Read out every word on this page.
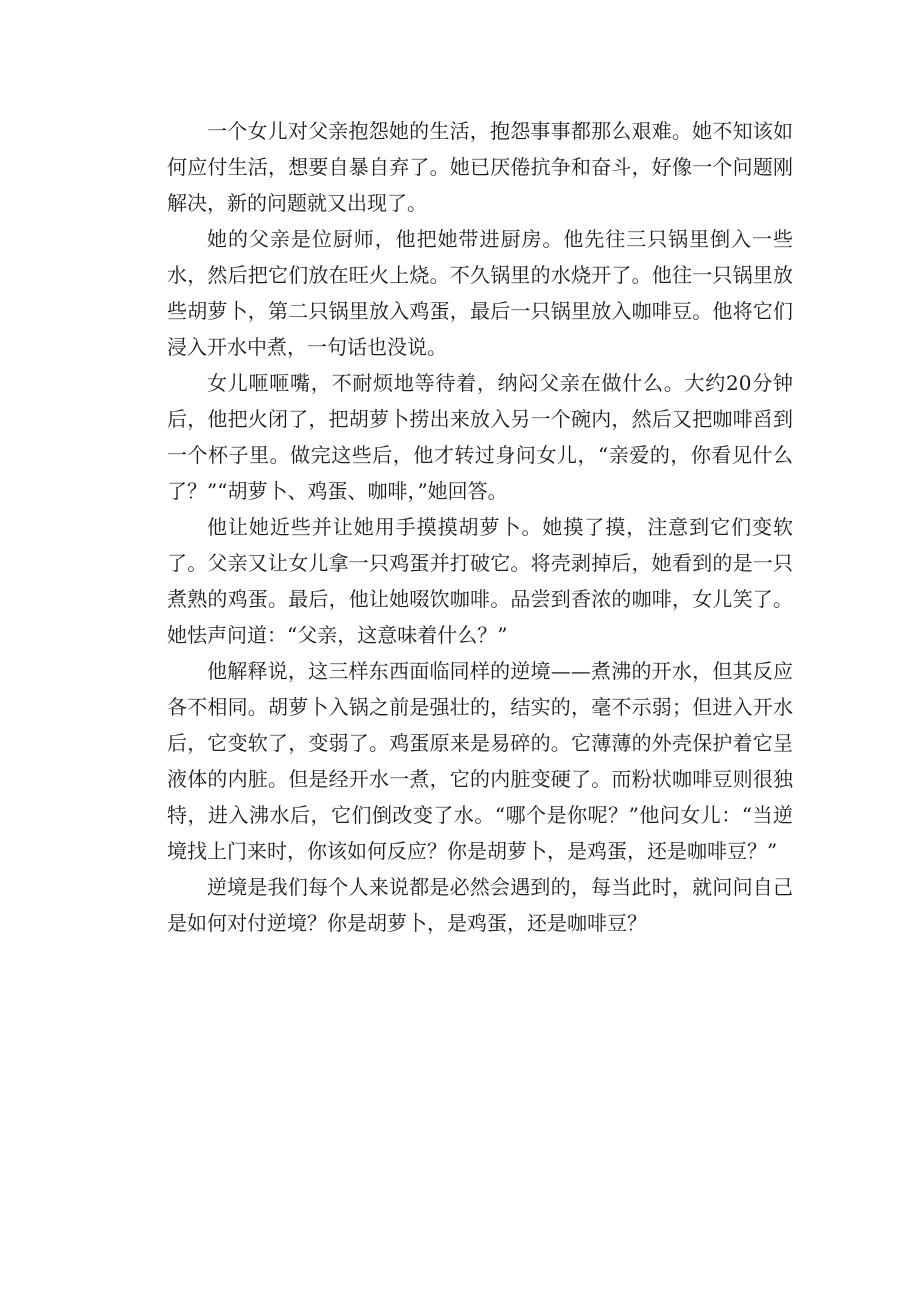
一个女儿对父亲抱怨她的生活，抱怨事事都那么艰难。她不知该如何应付生活，想要自暴自弃了。她已厌倦抗争和奋斗，好像一个问题刚解决，新的问题就又出现了。

她的父亲是位厨师，他把她带进厨房。他先往三只锅里倒入一些水，然后把它们放在旺火上烧。不久锅里的水烧开了。他往一只锅里放些胡萝卜，第二只锅里放入鸡蛋，最后一只锅里放入咖啡豆。他将它们浸入开水中煮，一句话也没说。

女儿咂咂嘴，不耐烦地等待着，纳闷父亲在做什么。大约20分钟后，他把火闭了，把胡萝卜捞出来放入另一个碗内，然后又把咖啡舀到一个杯子里。做完这些后，他才转过身问女儿，“亲爱的，你看见什么了？”“胡萝卜、鸡蛋、咖啡，”她回答。

他让她近些并让她用手摸摸胡萝卜。她摸了摸，注意到它们变软了。父亲又让女儿拿一只鸡蛋并打破它。将壳剥掉后，她看到的是一只煮熟的鸡蛋。最后，他让她啜饮咖啡。品尝到香浓的咖啡，女儿笑了。她怯声问道：“父亲，这意味着什么？”

他解释说，这三样东西面临同样的逆境——煮沸的开水，但其反应各不相同。胡萝卜入锅之前是强壮的，结实的，毫不示弱；但进入开水后，它变软了，变弱了。鸡蛋原来是易碎的。它薄薄的外壳保护着它呈液体的内脏。但是经开水一煮，它的内脏变硬了。而粉状咖啡豆则很独特，进入沸水后，它们倒改变了水。“哪个是你呢？”他问女儿：“当逆境找上门来时，你该如何反应？你是胡萝卜，是鸡蛋，还是咖啡豆？”

逆境是我们每个人来说都是必然会遇到的，每当此时，就问问自己是如何对付逆境？你是胡萝卜，是鸡蛋，还是咖啡豆？
